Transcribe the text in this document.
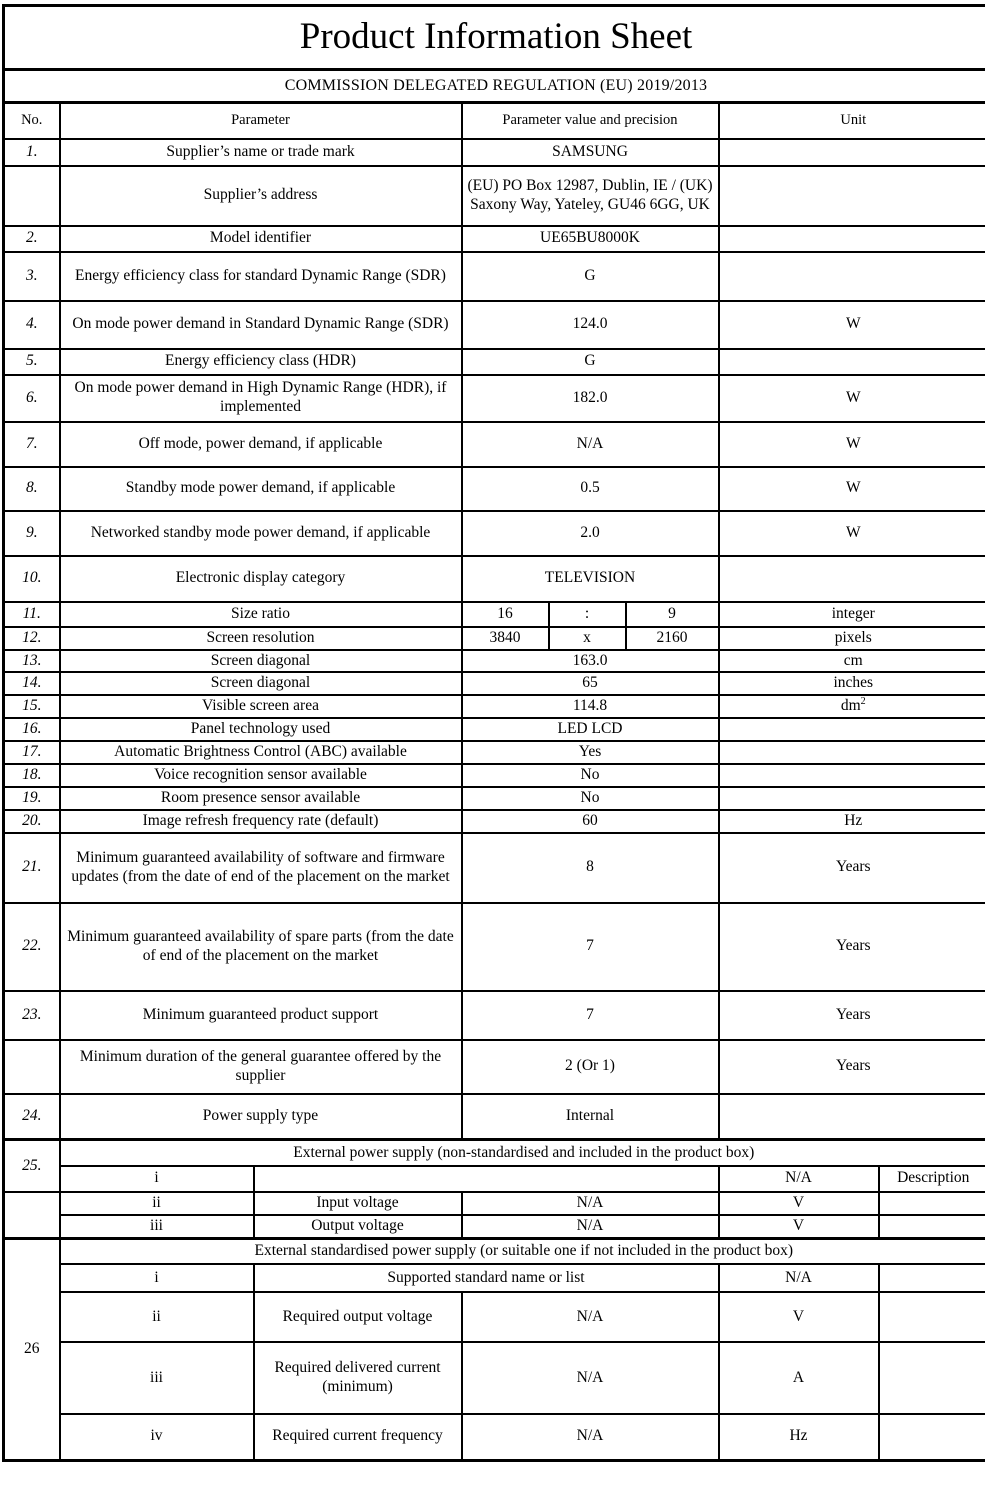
Product Information Sheet							
COMMISSION DELEGATED REGULATION (EU) 2019/2013							
No.	Parameter		Parameter value and precision			Unit	
1.	Supplier’s name or trade mark		SAMSUNG				
	Supplier’s address		(EU) PO Box 12987, Dublin, IE / (UK) Saxony Way, Yateley, GU46 6GG, UK				
2.	Model identifier		UE65BU8000K				
3.	Energy efficiency class for standard Dynamic Range (SDR)		G				
4.	On mode power demand in Standard Dynamic Range (SDR)		124.0			W	
5.	Energy efficiency class (HDR)		G				
6.	On mode power demand in High Dynamic Range (HDR), if implemented		182.0			W	
7.	Off mode, power demand, if applicable		N/A			W	
8.	Standby mode power demand, if applicable		0.5			W	
9.	Networked standby mode power demand, if applicable		2.0			W	
10.	Electronic display category		TELEVISION				
11.	Size ratio		16	:	9	integer	
12.	Screen resolution		3840	x	2160	pixels	
13.	Screen diagonal		163.0			cm	
14.	Screen diagonal		65			inches	
15.	Visible screen area		114.8			$dm^2$
16.	Panel technology used		LED LCD				
17.	Automatic Brightness Control (ABC) available		Yes				
18.	Voice recognition sensor available		No				
19.	Room presence sensor available		No				
20.	Image refresh frequency rate (default)		60			Hz	
21.	Minimum guaranteed availability of software and firmware updates (from the date of end of the placement on the market		8			Years	
22.	Minimum guaranteed availability of spare parts (from the date of end of the placement on the market		7			Years	
23.	Minimum guaranteed product support		7			Years	
	Minimum duration of the general guarantee offered by the supplier		2 (Or 1)			Years	
24.	Power supply type		Internal				
25.	External power supply (non-standardised and included in the product box)						
	i					N/A	Description
	ii	Input voltage	N/A			V	
	iii	Output voltage	N/A			V	
26	External standardised power supply (or suitable one if not included in the product box)						
	i	Supported standard name or list				N/A	
	ii	Required output voltage	N/A			V	
	iii	Required delivered current (minimum)	N/A			A	
	iv	Required current frequency	N/A			Hz	
